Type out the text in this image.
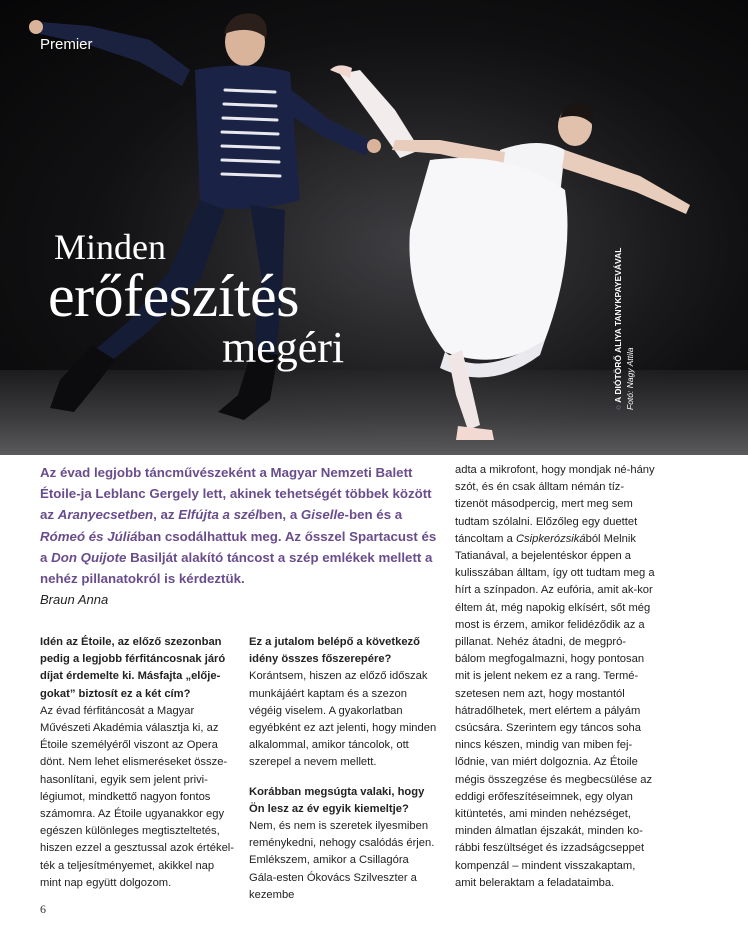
Premier
Minden
erőfeszítés
megéri
○ A DIÓTÖRŐ ALIYA TANYKPAYEVÁVAL Fotó: Nagy Attila
Az évad legjobb táncművészeként a Magyar Nemzeti Balett Étoile-ja Leblanc Gergely lett, akinek tehetségét többek között az Aranyecsetben, az Elfújta a szélben, a Giselle-ben és a Rómeó és Júliában csodálhattuk meg. Az ősszel Spartacust és a Don Quijote Basilját alakító táncost a szép emlékek mellett a nehéz pillanatokról is kérdeztük.
Braun Anna

Idén az Étoile, az előző szezonban pedig a legjobb férfitáncosnak járó díjat érdemelte ki. Másfajta „elője-gokat” biztosít ez a két cím?

Az évad férfitáncosát a Magyar Művészeti Akadémia választja ki, az Étoile személyéről viszont az Opera dönt. Nem lehet elismeréseket össze-hasonlítani, egyik sem jelent privi-légiumot, mindkettő nagyon fontos számomra. Az Étoile ugyanakkor egy egészen különleges megtiszteltetés, hiszen ezzel a gesztussal azok értékel-ték a teljesítményemet, akikkel nap mint nap együtt dolgozom.

Ez a jutalom belépő a következő idény összes főszerepére?

Korántsem, hiszen az előző időszak munkájáért kaptam és a szezon végéig viselem. A gyakorlatban egyébként ez azt jelenti, hogy minden alkalommal, amikor táncolok, ott szerepel a nevem mellett.

Korábban megsúgta valaki, hogy Ön lesz az év egyik kiemeltje?

Nem, és nem is szeretek ilyesmiben reménykedni, nehogy csalódás érjen. Emlékszem, amikor a Csillagóra Gála-esten Ókovács Szilveszter a kezembe

adta a mikrofont, hogy mondjak né-hány szót, és én csak álltam némán tíz-tizenöt másodpercig, mert meg sem tudtam szólalni. Előzőleg egy duettet táncoltam a Csipkerózsikából Melnik Tatianával, a bejelentéskor éppen a kulisszában álltam, így ott tudtam meg a hírt a színpadon. Az eufória, amit ak-kor éltem át, még napokig elkísért, sőt még most is érzem, amikor felidéződik az a pillanat. Nehéz átadni, de megpró-bálom megfogalmazni, hogy pontosan mit is jelent nekem ez a rang. Termé-szetesen nem azt, hogy mostantól hátradőlhetek, mert elértem a pályám csúcsára. Szerintem egy táncos soha nincs készen, mindig van miben fej-lődnie, van miért dolgoznia. Az Étoile mégis összegzése és megbecsülése az eddigi erőfeszítéseimnek, egy olyan kitüntetés, ami minden nehézséget, minden álmatlan éjszakát, minden ko-rábbi feszültséget és izzadságcseppet kompenzál – mindent visszakaptam, amit beleraktam a feladataimba.

6
